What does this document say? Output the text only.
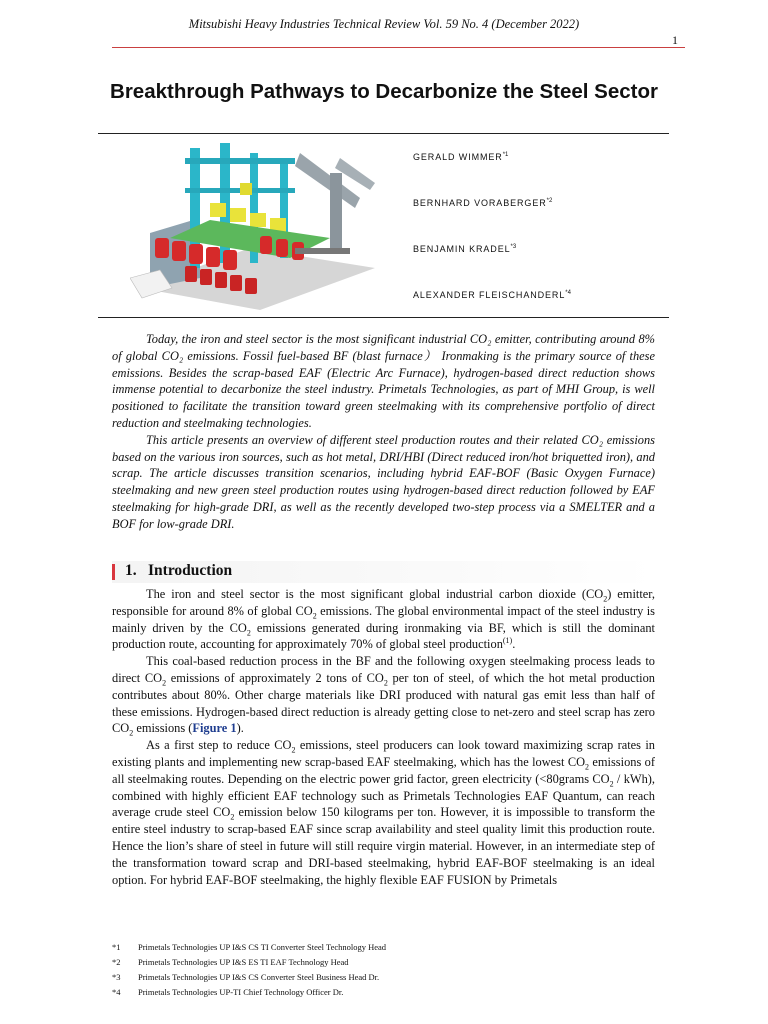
Mitsubishi Heavy Industries Technical Review Vol. 59 No. 4 (December 2022)
1
Breakthrough Pathways to Decarbonize the Steel Sector
GERALD WIMMER$^{*1}$
BERNHARD VORABERGER$^{*2}$
BENJAMIN KRADEL$^{*3}$
ALEXANDER FLEISCHANDERL$^{*4}$

Today, the iron and steel sector is the most significant industrial CO₂ emitter, contributing around 8% of global CO₂ emissions. Fossil fuel-based BF (blast furnace） Ironmaking is the primary source of these emissions. Besides the scrap-based EAF (Electric Arc Furnace), hydrogen-based direct reduction shows immense potential to decarbonize the steel industry. Primetals Technologies, as part of MHI Group, is well positioned to facilitate the transition toward green steelmaking with its comprehensive portfolio of direct reduction and steelmaking technologies.

This article presents an overview of different steel production routes and their related CO₂ emissions based on the various iron sources, such as hot metal, DRI/HBI (Direct reduced iron/hot briquetted iron), and scrap. The article discusses transition scenarios, including hybrid EAF-BOF (Basic Oxygen Furnace) steelmaking and new green steel production routes using hydrogen-based direct reduction followed by EAF steelmaking for high-grade DRI, as well as the recently developed two-step process via a SMELTER and a BOF for low-grade DRI.

1. Introduction

The iron and steel sector is the most significant global industrial carbon dioxide $(CO_2)$ emitter, responsible for around 8% of global $CO_2$ emissions. The global environmental impact of the steel industry is mainly driven by the $CO_2$ emissions generated during ironmaking via BF, which is still the dominant production route, accounting for approximately 70% of global steel production$^{(1)}$.

This coal-based reduction process in the BF and the following oxygen steelmaking process leads to direct $CO_2$ emissions of approximately 2 tons of $CO_2$ per ton of steel, of which the hot metal production contributes about 80%. Other charge materials like DRI produced with natural gas emit less than half of these emissions. Hydrogen-based direct reduction is already getting close to net-zero and steel scrap has zero $CO_2$ emissions (Figure 1).

As a first step to reduce $CO_2$ emissions, steel producers can look toward maximizing scrap rates in existing plants and implementing new scrap-based EAF steelmaking, which has the lowest $CO_2$ emissions of all steelmaking routes. Depending on the electric power grid factor, green electricity (<80grams $CO_2 / kWh$), combined with highly efficient EAF technology such as Primetals Technologies EAF Quantum, can reach average crude steel $CO_2$ emission below 150 kilograms per ton. However, it is impossible to transform the entire steel industry to scrap-based EAF since scrap availability and steel quality limit this production route. Hence the lion’s share of steel in future will still require virgin material. However, in an intermediate step of the transformation toward scrap and DRI-based steelmaking, hybrid EAF-BOF steelmaking is an ideal option. For hybrid EAF-BOF steelmaking, the highly flexible EAF FUSION by Primetals

*1 Primetals Technologies UP I&S CS TI Converter Steel Technology Head
*2 Primetals Technologies UP I&S ES TI EAF Technology Head
*3 Primetals Technologies UP I&S CS Converter Steel Business Head Dr.
*4 Primetals Technologies UP-TI Chief Technology Officer Dr.
